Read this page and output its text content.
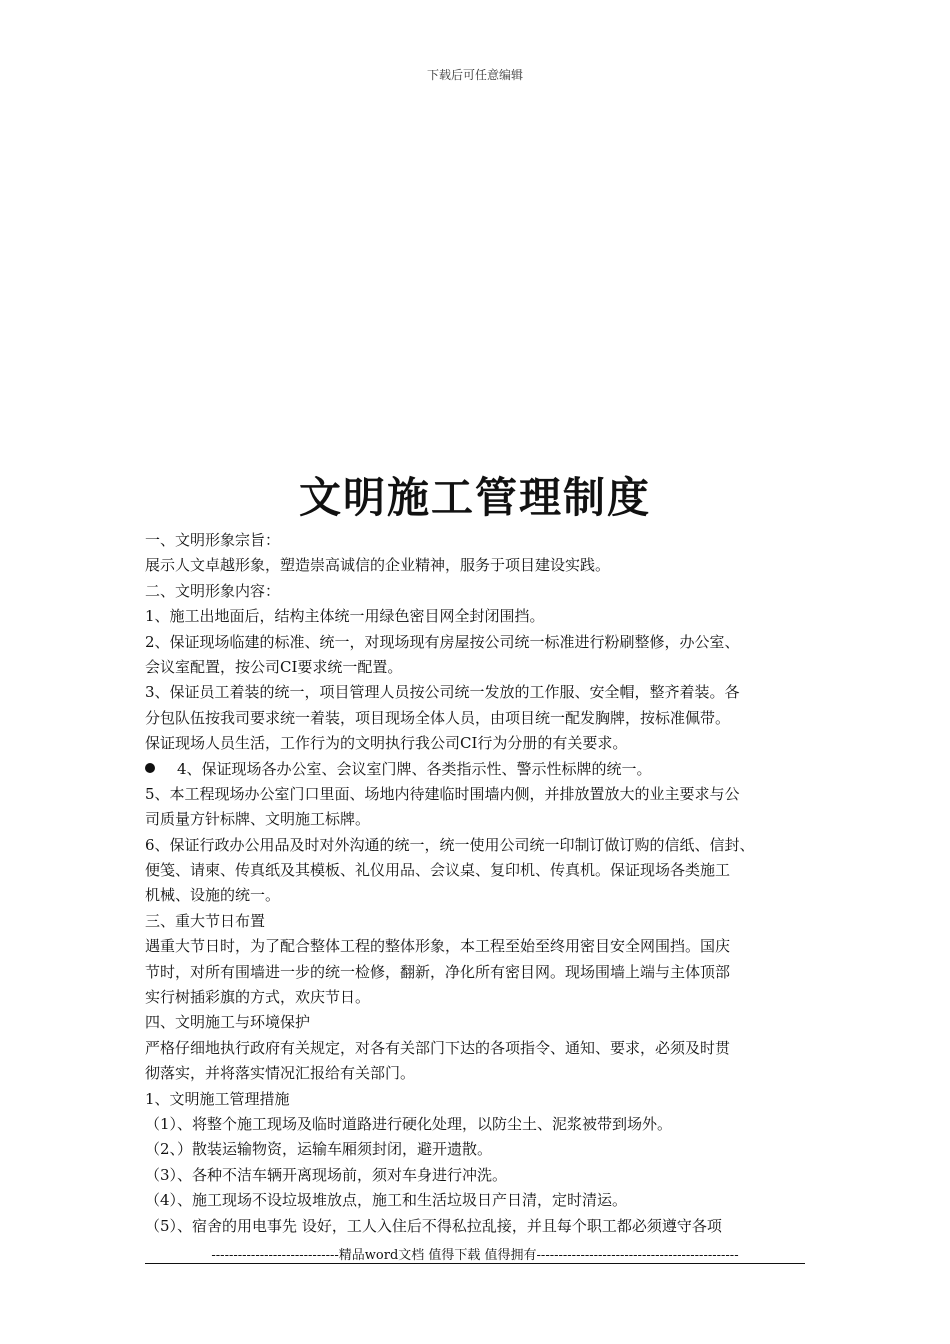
下载后可任意编辑
文明施工管理制度
一、文明形象宗旨：
展示人文卓越形象，塑造崇高诚信的企业精神，服务于项目建设实践。
二、文明形象内容：
1、施工出地面后，结构主体统一用绿色密目网全封闭围挡。
2、保证现场临建的标准、统一，对现场现有房屋按公司统一标准进行粉刷整修，办公室、
会议室配置，按公司CI要求统一配置。
3、保证员工着装的统一，项目管理人员按公司统一发放的工作服、安全帽，整齐着装。各
分包队伍按我司要求统一着装，项目现场全体人员，由项目统一配发胸牌，按标准佩带。
保证现场人员生活，工作行为的文明执行我公司CI行为分册的有关要求。
4、保证现场各办公室、会议室门牌、各类指示性、警示性标牌的统一。
5、本工程现场办公室门口里面、场地内待建临时围墙内侧，并排放置放大的业主要求与公
司质量方针标牌、文明施工标牌。
6、保证行政办公用品及时对外沟通的统一，统一使用公司统一印制订做订购的信纸、信封、
便笺、请柬、传真纸及其模板、礼仪用品、会议桌、复印机、传真机。保证现场各类施工
机械、设施的统一。
三、重大节日布置
遇重大节日时，为了配合整体工程的整体形象，本工程至始至终用密目安全网围挡。国庆
节时，对所有围墙进一步的统一检修，翻新，净化所有密目网。现场围墙上端与主体顶部
实行树插彩旗的方式，欢庆节日。
四、文明施工与环境保护
严格仔细地执行政府有关规定，对各有关部门下达的各项指令、通知、要求，必须及时贯
彻落实，并将落实情况汇报给有关部门。
1、文明施工管理措施
（1）、将整个施工现场及临时道路进行硬化处理，以防尘土、泥浆被带到场外。
（2、）散装运输物资，运输车厢须封闭，避开遗散。
（3）、各种不洁车辆开离现场前，须对车身进行冲洗。
（4）、施工现场不设垃圾堆放点，施工和生活垃圾日产日清，定时清运。
（5）、宿舍的用电事先 设好，工人入住后不得私拉乱接，并且每个职工都必须遵守各项
-----------------------------精品word文档 值得下载 值得拥有----------------------------------------------
